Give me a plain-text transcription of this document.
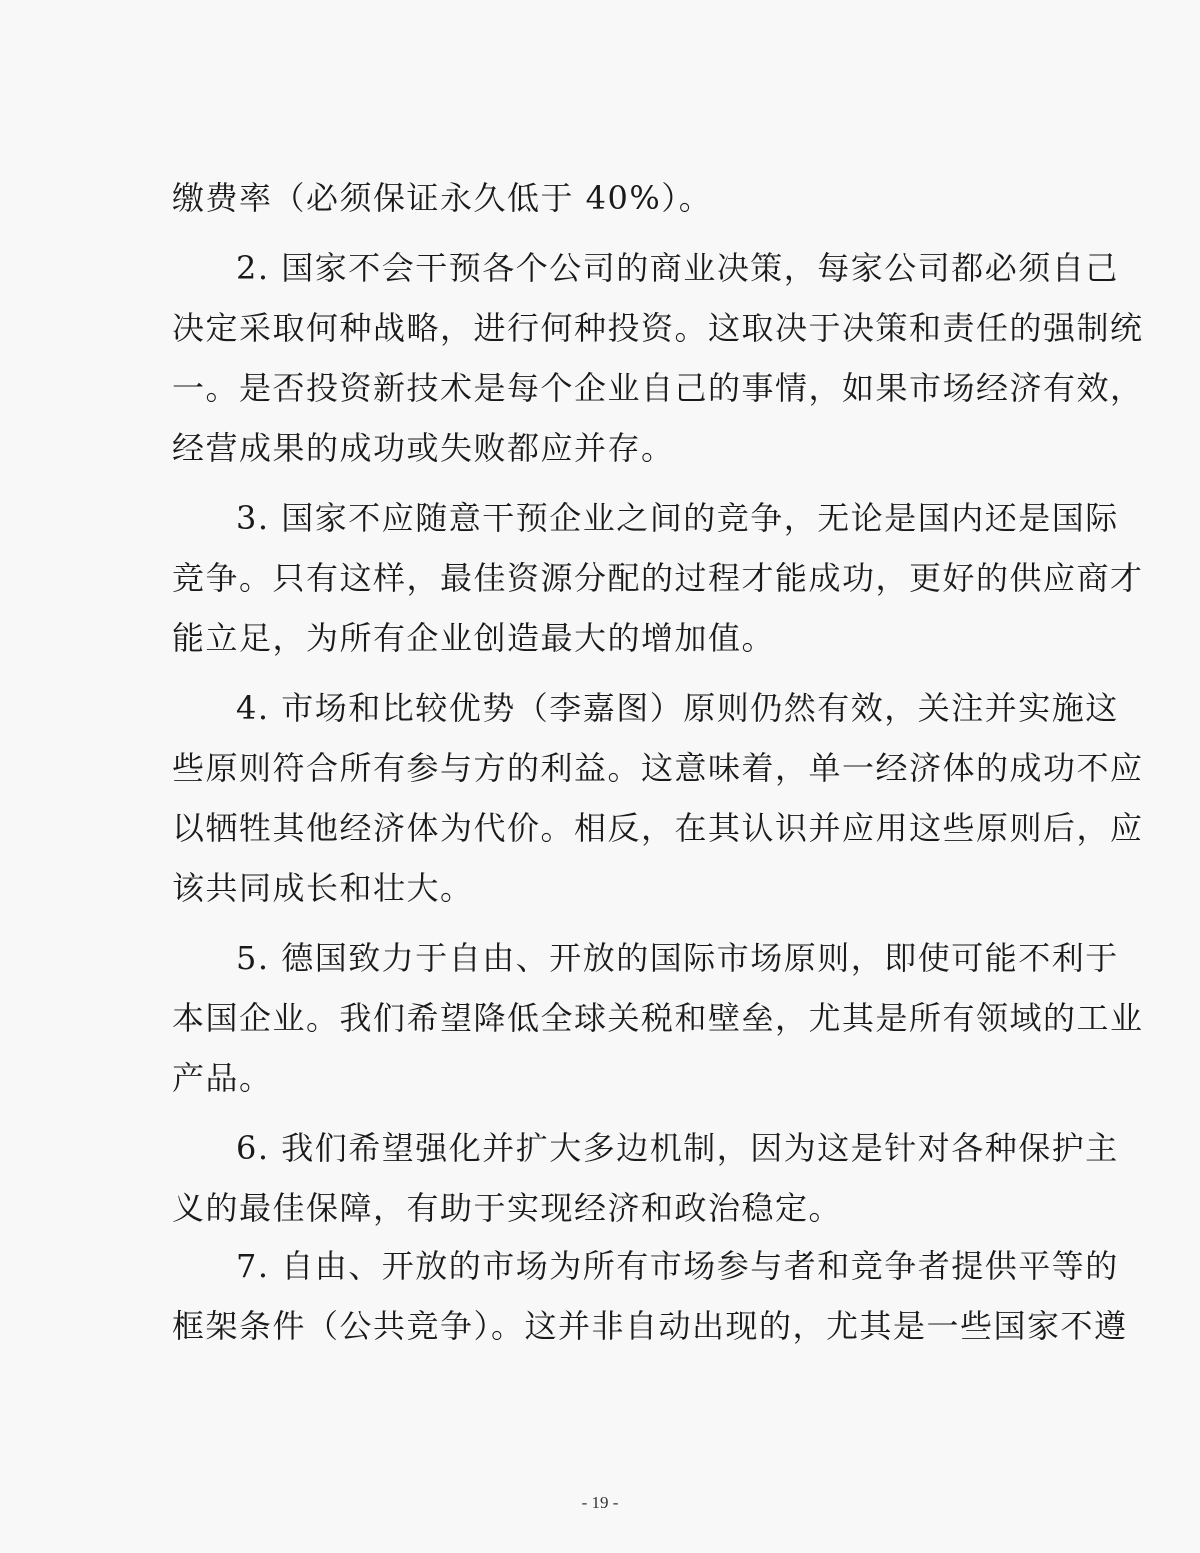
缴费率（必须保证永久低于 40%）。
2. 国家不会干预各个公司的商业决策，每家公司都必须自己
决定采取何种战略，进行何种投资。这取决于决策和责任的强制统
一。是否投资新技术是每个企业自己的事情，如果市场经济有效，
经营成果的成功或失败都应并存。
3. 国家不应随意干预企业之间的竞争，无论是国内还是国际
竞争。只有这样，最佳资源分配的过程才能成功，更好的供应商才
能立足，为所有企业创造最大的增加值。
4. 市场和比较优势（李嘉图）原则仍然有效，关注并实施这
些原则符合所有参与方的利益。这意味着，单一经济体的成功不应
以牺牲其他经济体为代价。相反，在其认识并应用这些原则后，应
该共同成长和壮大。
5. 德国致力于自由、开放的国际市场原则，即使可能不利于
本国企业。我们希望降低全球关税和壁垒，尤其是所有领域的工业
产品。
6. 我们希望强化并扩大多边机制，因为这是针对各种保护主
义的最佳保障，有助于实现经济和政治稳定。
7. 自由、开放的市场为所有市场参与者和竞争者提供平等的
框架条件（公共竞争）。这并非自动出现的，尤其是一些国家不遵
- 19 -
